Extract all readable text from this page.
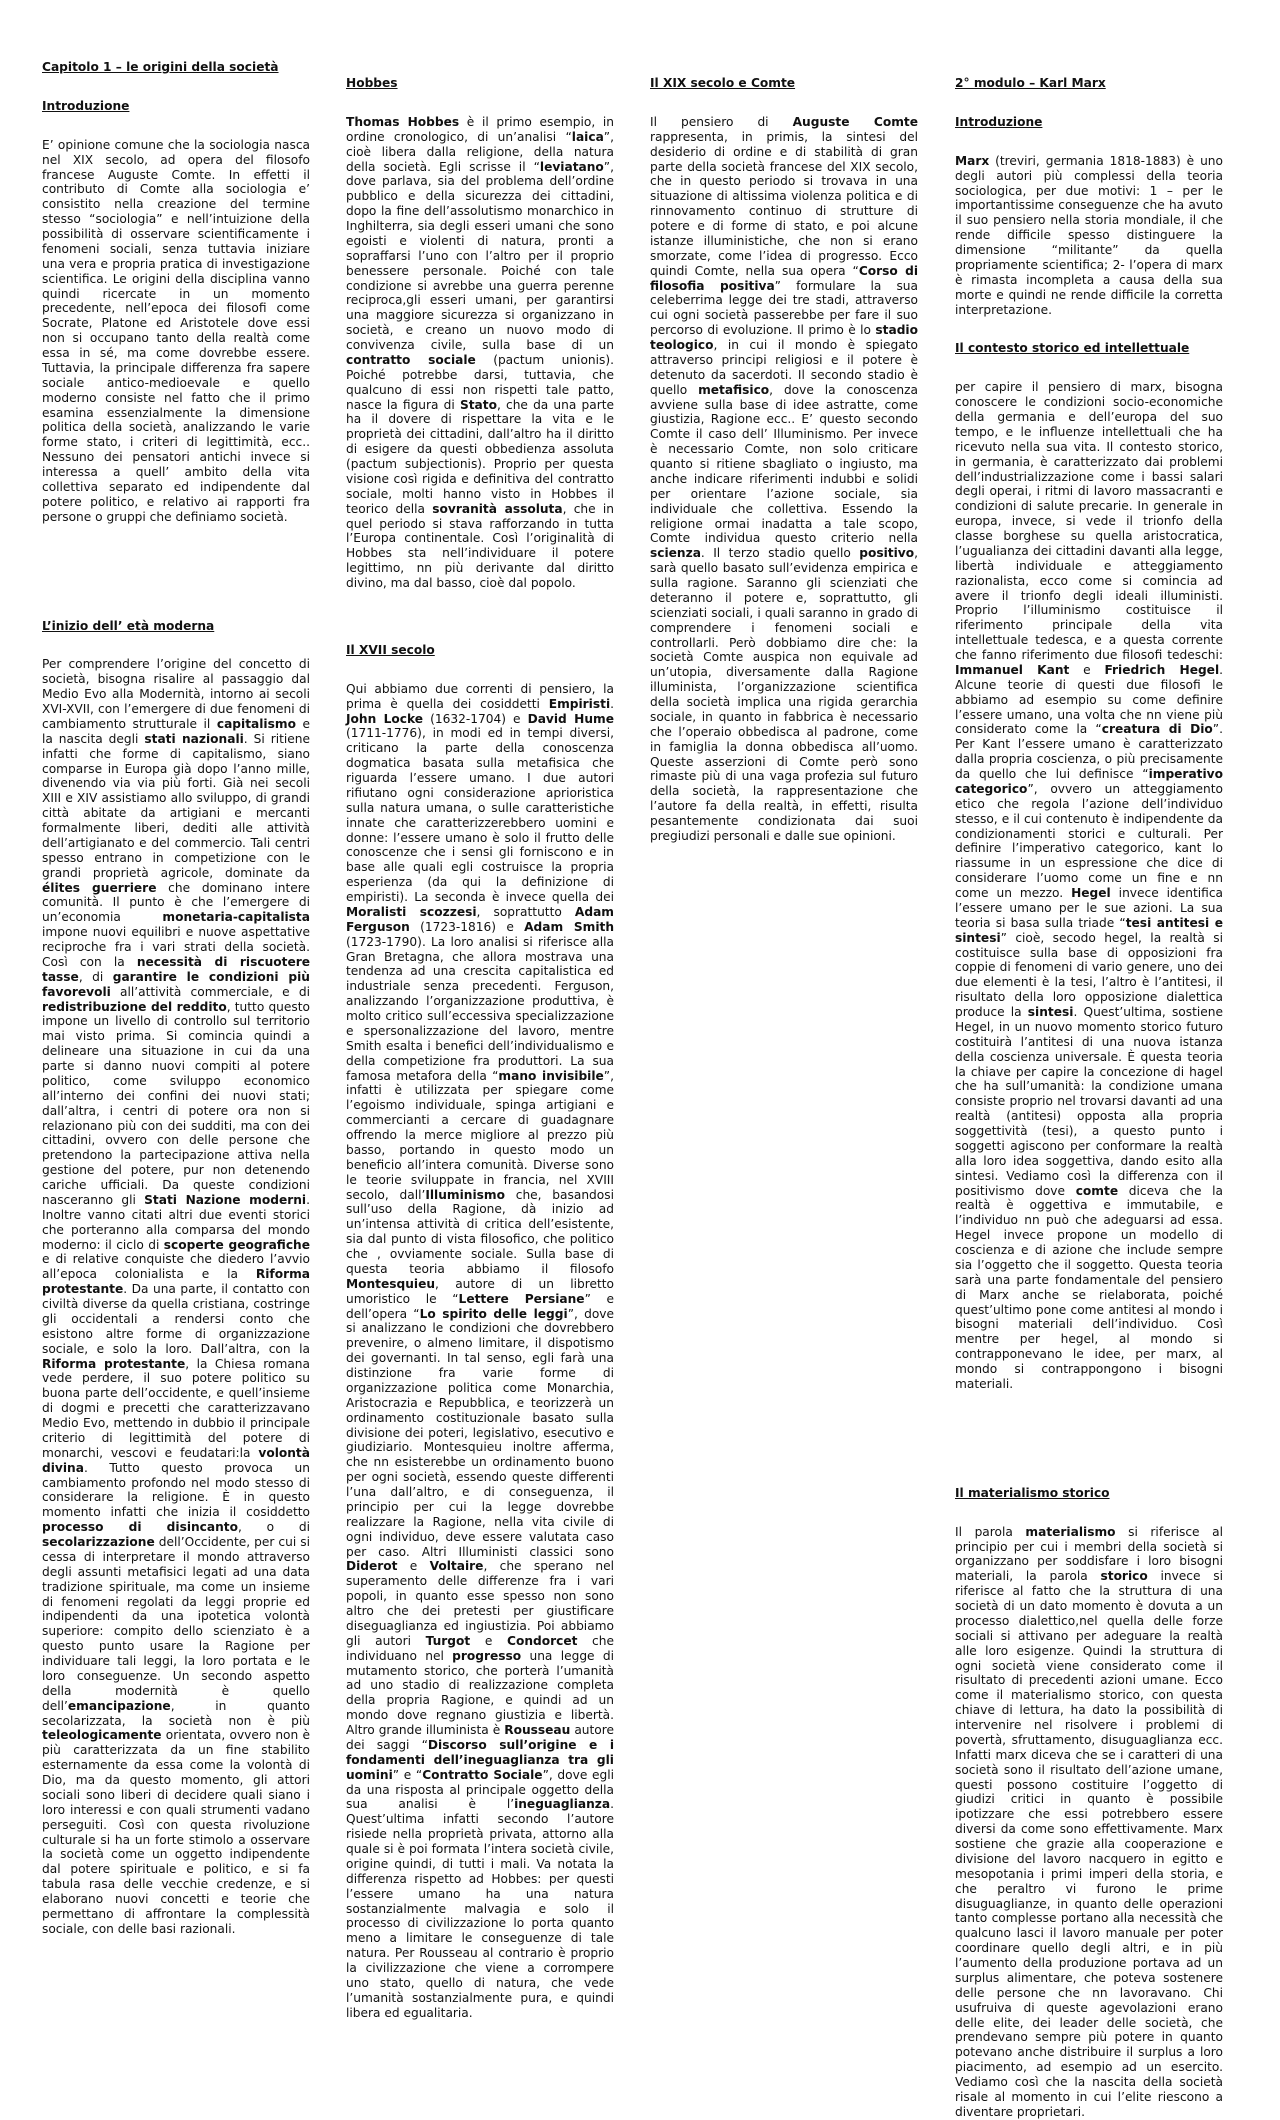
Capitolo 1 – le origini della società

Introduzione

E’ opinione comune che la sociologia nasca nel XIX secolo, ad opera del filosofo francese Auguste Comte. In effetti il contributo di Comte alla sociologia e’ consistito nella creazione del termine stesso “sociologia” e nell’intuizione della possibilità di osservare scientificamente i fenomeni sociali, senza tuttavia iniziare una vera e propria pratica di investigazione scientifica. Le origini della disciplina vanno quindi ricercate in un momento precedente, nell’epoca dei filosofi come Socrate, Platone ed Aristotele dove essi non si occupano tanto della realtà come essa in sé, ma come dovrebbe essere. Tuttavia, la principale differenza fra sapere sociale antico-medioevale e quello moderno consiste nel fatto che il primo esamina essenzialmente la dimensione politica della società, analizzando le varie forme stato, i criteri di legittimità, ecc.. Nessuno dei pensatori antichi invece si interessa a quell’ ambito della vita collettiva separato ed indipendente dal potere politico, e relativo ai rapporti fra persone o gruppi che definiamo società.

L’inizio dell’ età moderna

Per comprendere l’origine del concetto di società, bisogna risalire al passaggio dal Medio Evo alla Modernità, intorno ai secoli XVI-XVII, con l’emergere di due fenomeni di cambiamento strutturale il capitalismo e la nascita degli stati nazionali. Si ritiene infatti che forme di capitalismo, siano comparse in Europa già dopo l’anno mille, divenendo via via più forti. Già nei secoli XIII e XIV assistiamo allo sviluppo, di grandi città abitate da artigiani e mercanti formalmente liberi, dediti alle attività dell’artigianato e del commercio. Tali centri spesso entrano in competizione con le grandi proprietà agricole, dominate da élites guerriere che dominano intere comunità. Il punto è che l’emergere di un’economia monetaria-capitalista impone nuovi equilibri e nuove aspettative reciproche fra i vari strati della società. Così con la necessità di riscuotere tasse, di garantire le condizioni più favorevoli all’attività commerciale, e di redistribuzione del reddito, tutto questo impone un livello di controllo sul territorio mai visto prima. Si comincia quindi a delineare una situazione in cui da una parte si danno nuovi compiti al potere politico, come sviluppo economico all’interno dei confini dei nuovi stati; dall’altra, i centri di potere ora non si relazionano più con dei sudditi, ma con dei cittadini, ovvero con delle persone che pretendono la partecipazione attiva nella gestione del potere, pur non detenendo cariche ufficiali. Da queste condizioni nasceranno gli Stati Nazione moderni. Inoltre vanno citati altri due eventi storici che porteranno alla comparsa del mondo moderno: il ciclo di scoperte geografiche e di relative conquiste che diedero l’avvio all’epoca colonialista e la Riforma protestante. Da una parte, il contatto con civiltà diverse da quella cristiana, costringe gli occidentali a rendersi conto che esistono altre forme di organizzazione sociale, e solo la loro. Dall’altra, con la Riforma protestante, la Chiesa romana vede perdere, il suo potere politico su buona parte dell’occidente, e quell’insieme di dogmi e precetti che caratterizzavano Medio Evo, mettendo in dubbio il principale criterio di legittimità del potere di monarchi, vescovi e feudatari:la volontà divina. Tutto questo provoca un cambiamento profondo nel modo stesso di considerare la religione. È in questo momento infatti che inizia il cosiddetto processo di disincanto, o di secolarizzazione dell’Occidente, per cui si cessa di interpretare il mondo attraverso degli assunti metafisici legati ad una data tradizione spirituale, ma come un insieme di fenomeni regolati da leggi proprie ed indipendenti da una ipotetica volontà superiore: compito dello scienziato è a questo punto usare la Ragione per individuare tali leggi, la loro portata e le loro conseguenze. Un secondo aspetto della modernità è quello dell’emancipazione, in quanto secolarizzata, la società non è più teleologicamente orientata, ovvero non è più caratterizzata da un fine stabilito esternamente da essa come la volontà di Dio, ma da questo momento, gli attori sociali sono liberi di decidere quali siano i loro interessi e con quali strumenti vadano perseguiti. Così con questa rivoluzione culturale si ha un forte stimolo a osservare la società come un oggetto indipendente dal potere spirituale e politico, e si fa tabula rasa delle vecchie credenze, e si elaborano nuovi concetti e teorie che permettano di affrontare la complessità sociale, con delle basi razionali.

Hobbes

Thomas Hobbes è il primo esempio, in ordine cronologico, di un’analisi “laica”, cioè libera dalla religione, della natura della società. Egli scrisse il “leviatano”, dove parlava, sia del problema dell’ordine pubblico e della sicurezza dei cittadini, dopo la fine dell’assolutismo monarchico in Inghilterra, sia degli esseri umani che sono egoisti e violenti di natura, pronti a sopraffarsi l’uno con l’altro per il proprio benessere personale. Poiché con tale condizione si avrebbe una guerra perenne reciproca,gli esseri umani, per garantirsi una maggiore sicurezza si organizzano in società, e creano un nuovo modo di convivenza civile, sulla base di un contratto sociale (pactum unionis). Poiché potrebbe darsi, tuttavia, che qualcuno di essi non rispetti tale patto, nasce la figura di Stato, che da una parte ha il dovere di rispettare la vita e le proprietà dei cittadini, dall’altro ha il diritto di esigere da questi obbedienza assoluta (pactum subjectionis). Proprio per questa visione così rigida e definitiva del contratto sociale, molti hanno visto in Hobbes il teorico della sovranità assoluta, che in quel periodo si stava rafforzando in tutta l’Europa continentale. Così l’originalità di Hobbes sta nell’individuare il potere legittimo, nn più derivante dal diritto divino, ma dal basso, cioè dal popolo.

Il XVII secolo

Qui abbiamo due correnti di pensiero, la prima è quella dei cosiddetti Empiristi. John Locke (1632-1704) e David Hume (1711-1776), in modi ed in tempi diversi, criticano la parte della conoscenza dogmatica basata sulla metafisica che riguarda l’essere umano. I due autori rifiutano ogni considerazione aprioristica sulla natura umana, o sulle caratteristiche innate che caratterizzerebbero uomini e donne: l’essere umano è solo il frutto delle conoscenze che i sensi gli forniscono e in base alle quali egli costruisce la propria esperienza (da qui la definizione di empiristi). La seconda è invece quella dei Moralisti scozzesi, soprattutto Adam Ferguson (1723-1816) e Adam Smith (1723-1790). La loro analisi si riferisce alla Gran Bretagna, che allora mostrava una tendenza ad una crescita capitalistica ed industriale senza precedenti. Ferguson, analizzando l’organizzazione produttiva, è molto critico sull’eccessiva specializzazione e spersonalizzazione del lavoro, mentre Smith esalta i benefici dell’individualismo e della competizione fra produttori. La sua famosa metafora della “mano invisibile”, infatti è utilizzata per spiegare come l’egoismo individuale, spinga artigiani e commercianti a cercare di guadagnare offrendo la merce migliore al prezzo più basso, portando in questo modo un beneficio all’intera comunità. Diverse sono le teorie sviluppate in francia, nel XVIII secolo, dall’Illuminismo che, basandosi sull’uso della Ragione, dà inizio ad un’intensa attività di critica dell’esistente, sia dal punto di vista filosofico, che politico che , ovviamente sociale. Sulla base di questa teoria abbiamo il filosofo Montesquieu, autore di un libretto umoristico le “Lettere Persiane” e dell’opera “Lo spirito delle leggi”, dove si analizzano le condizioni che dovrebbero prevenire, o almeno limitare, il dispotismo dei governanti. In tal senso, egli farà una distinzione fra varie forme di organizzazione politica come Monarchia, Aristocrazia e Repubblica, e teorizzerà un ordinamento costituzionale basato sulla divisione dei poteri, legislativo, esecutivo e giudiziario. Montesquieu inoltre afferma, che nn esisterebbe un ordinamento buono per ogni società, essendo queste differenti l’una dall’altro, e di conseguenza, il principio per cui la legge dovrebbe realizzare la Ragione, nella vita civile di ogni individuo, deve essere valutata caso per caso. Altri Illuministi classici sono Diderot e Voltaire, che sperano nel superamento delle differenze fra i vari popoli, in quanto esse spesso non sono altro che dei pretesti per giustificare diseguaglianza ed ingiustizia. Poi abbiamo gli autori Turgot e Condorcet che individuano nel progresso una legge di mutamento storico, che porterà l’umanità ad uno stadio di realizzazione completa della propria Ragione, e quindi ad un mondo dove regnano giustizia e libertà. Altro grande illuminista è Rousseau autore dei saggi “Discorso sull’origine e i fondamenti dell’ineguaglianza tra gli uomini” e “Contratto Sociale”, dove egli da una risposta al principale oggetto della sua analisi è l’ineguaglianza. Quest’ultima infatti secondo l’autore risiede nella proprietà privata, attorno alla quale si è poi formata l’intera società civile, origine quindi, di tutti i mali. Va notata la differenza rispetto ad Hobbes: per questi l’essere umano ha una natura sostanzialmente malvagia e solo il processo di civilizzazione lo porta quanto meno a limitare le conseguenze di tale natura. Per Rousseau al contrario è proprio la civilizzazione che viene a corrompere uno stato, quello di natura, che vede l’umanità sostanzialmente pura, e quindi libera ed egualitaria.

Il XIX secolo e Comte

Il pensiero di Auguste Comte rappresenta, in primis, la sintesi del desiderio di ordine e di stabilità di gran parte della società francese del XIX secolo, che in questo periodo si trovava in una situazione di altissima violenza politica e di rinnovamento continuo di strutture di potere e di forme di stato, e poi alcune istanze illuministiche, che non si erano smorzate, come l’idea di progresso. Ecco quindi Comte, nella sua opera “Corso di filosofia positiva” formulare la sua celeberrima legge dei tre stadi, attraverso cui ogni società passerebbe per fare il suo percorso di evoluzione. Il primo è lo stadio teologico, in cui il mondo è spiegato attraverso principi religiosi e il potere è detenuto da sacerdoti. Il secondo stadio è quello metafisico, dove la conoscenza avviene sulla base di idee astratte, come giustizia, Ragione ecc.. E’ questo secondo Comte il caso dell’ Illuminismo. Per invece è necessario Comte, non solo criticare quanto si ritiene sbagliato o ingiusto, ma anche indicare riferimenti indubbi e solidi per orientare l’azione sociale, sia individuale che collettiva. Essendo la religione ormai inadatta a tale scopo, Comte individua questo criterio nella scienza. Il terzo stadio quello positivo, sarà quello basato sull’evidenza empirica e sulla ragione. Saranno gli scienziati che deteranno il potere e, soprattutto, gli scienziati sociali, i quali saranno in grado di comprendere i fenomeni sociali e controllarli. Però dobbiamo dire che: la società Comte auspica non equivale ad un’utopia, diversamente dalla Ragione illuminista, l’organizzazione scientifica della società implica una rigida gerarchia sociale, in quanto in fabbrica è necessario che l’operaio obbedisca al padrone, come in famiglia la donna obbedisca all’uomo. Queste asserzioni di Comte però sono rimaste più di una vaga profezia sul futuro della società, la rappresentazione che l’autore fa della realtà, in effetti, risulta pesantemente condizionata dai suoi pregiudizi personali e dalle sue opinioni.

2° modulo – Karl Marx

Introduzione

Marx (treviri, germania 1818-1883) è uno degli autori più complessi della teoria sociologica, per due motivi: 1 – per le importantissime conseguenze che ha avuto il suo pensiero nella storia mondiale, il che rende difficile spesso distinguere la dimensione “militante” da quella propriamente scientifica; 2- l’opera di marx è rimasta incompleta a causa della sua morte e quindi ne rende difficile la corretta interpretazione.

Il contesto storico ed intellettuale

per capire il pensiero di marx, bisogna conoscere le condizioni socio-economiche della germania e dell’europa del suo tempo, e le influenze intellettuali che ha ricevuto nella sua vita. Il contesto storico, in germania, è caratterizzato dai problemi dell’industrializzazione come i bassi salari degli operai, i ritmi di lavoro massacranti e condizioni di salute precarie. In generale in europa, invece, si vede il trionfo della classe borghese su quella aristocratica, l’ugualianza dei cittadini davanti alla legge, libertà individuale e atteggiamento razionalista, ecco come si comincia ad avere il trionfo degli ideali illuministi. Proprio l’illuminismo costituisce il riferimento principale della vita intellettuale tedesca, e a questa corrente che fanno riferimento due filosofi tedeschi: Immanuel Kant e Friedrich Hegel. Alcune teorie di questi due filosofi le abbiamo ad esempio su come definire l’essere umano, una volta che nn viene più considerato come la “creatura di Dio”. Per Kant l’essere umano è caratterizzato dalla propria coscienza, o più precisamente da quello che lui definisce “imperativo categorico”, ovvero un atteggiamento etico che regola l’azione dell’individuo stesso, e il cui contenuto è indipendente da condizionamenti storici e culturali. Per definire l’imperativo categorico, kant lo riassume in un espressione che dice di considerare l’uomo come un fine e nn come un mezzo. Hegel invece identifica l’essere umano per le sue azioni. La sua teoria si basa sulla triade “tesi antitesi e sintesi” cioè, secodo hegel, la realtà si costituisce sulla base di opposizioni fra coppie di fenomeni di vario genere, uno dei due elementi è la tesi, l’altro è l’antitesi, il risultato della loro opposizione dialettica produce la sintesi. Quest’ultima, sostiene Hegel, in un nuovo momento storico futuro costituirà l’antitesi di una nuova istanza della coscienza universale. È questa teoria la chiave per capire la concezione di hagel che ha sull’umanità: la condizione umana consiste proprio nel trovarsi davanti ad una realtà (antitesi) opposta alla propria soggettività (tesi), a questo punto i soggetti agiscono per conformare la realtà alla loro idea soggettiva, dando esito alla sintesi. Vediamo così la differenza con il positivismo dove comte diceva che la realtà è oggettiva e immutabile, e l’individuo nn può che adeguarsi ad essa. Hegel invece propone un modello di coscienza e di azione che include sempre sia l’oggetto che il soggetto. Questa teoria sarà una parte fondamentale del pensiero di Marx anche se rielaborata, poiché quest’ultimo pone come antitesi al mondo i bisogni materiali dell’individuo. Così mentre per hegel, al mondo si contrapponevano le idee, per marx, al mondo si contrappongono i bisogni materiali.

Il materialismo storico

Il parola materialismo si riferisce al principio per cui i membri della società si organizzano per soddisfare i loro bisogni materiali, la parola storico invece si riferisce al fatto che la struttura di una società di un dato momento è dovuta a un processo dialettico,nel quella delle forze sociali si attivano per adeguare la realtà alle loro esigenze. Quindi la struttura di ogni società viene considerato come il risultato di precedenti azioni umane. Ecco come il materialismo storico, con questa chiave di lettura, ha dato la possibilità di intervenire nel risolvere i problemi di povertà, sfruttamento, disuguaglianza ecc. Infatti marx diceva che se i caratteri di una società sono il risultato dell’azione umane, questi possono costituire l’oggetto di giudizi critici in quanto è possibile ipotizzare che essi potrebbero essere diversi da come sono effettivamente. Marx sostiene che grazie alla cooperazione e divisione del lavoro nacquero in egitto e mesopotania i primi imperi della storia, e che peraltro vi furono le prime disuguaglianze, in quanto delle operazioni tanto complesse portano alla necessità che qualcuno lasci il lavoro manuale per poter coordinare quello degli altri, e in più l’aumento della produzione portava ad un surplus alimentare, che poteva sostenere delle persone che nn lavoravano. Chi usufruiva di queste agevolazioni erano delle elite, dei leader delle società, che prendevano sempre più potere in quanto potevano anche distribuire il surplus a loro piacimento, ad esempio ad un esercito. Vediamo così che la nascita della società risale al momento in cui l’elite riescono a diventare proprietari.
